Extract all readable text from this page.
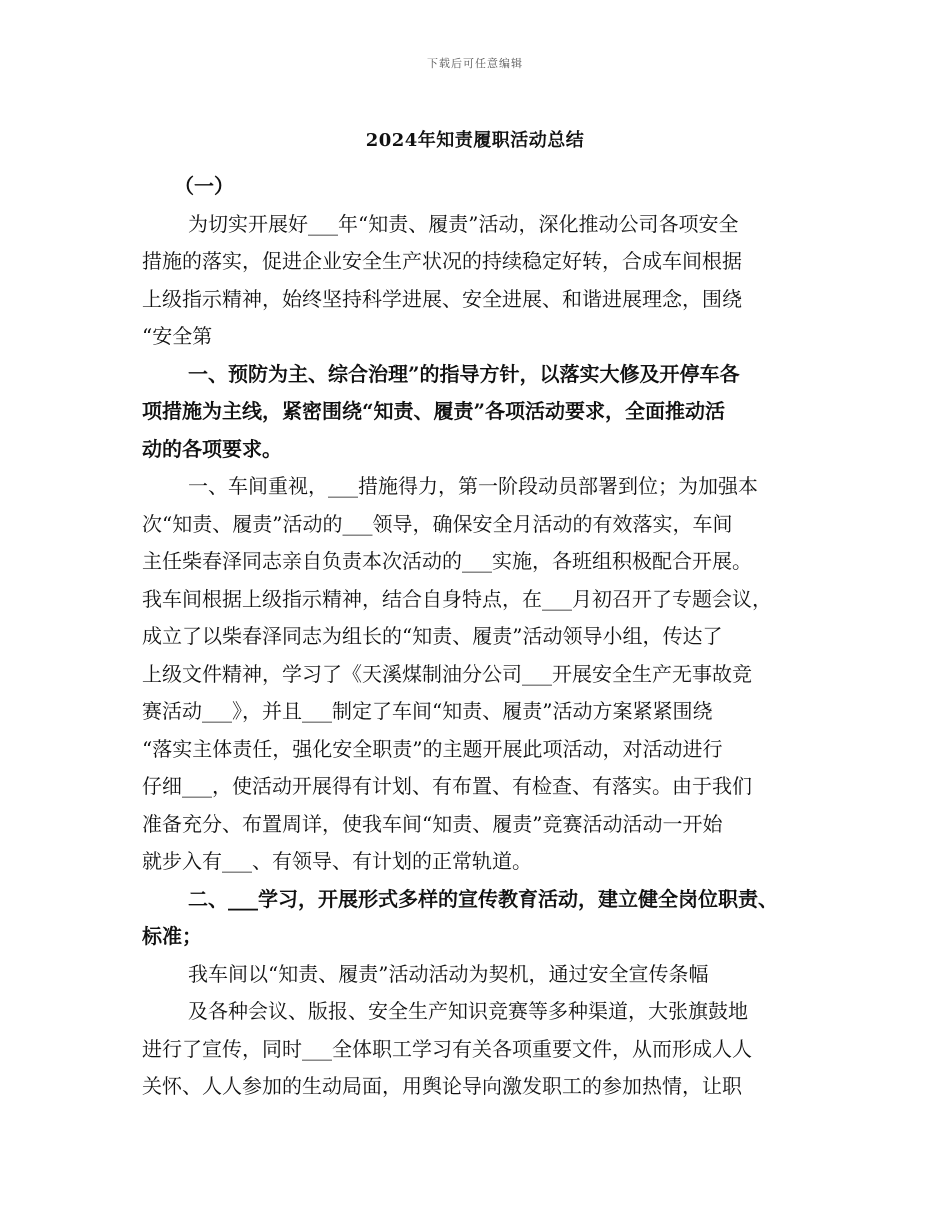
下载后可任意编辑
2024年知责履职活动总结
（一）
为切实开展好___年“知责、履责”活动，深化推动公司各项安全
措施的落实，促进企业安全生产状况的持续稳定好转，合成车间根据
上级指示精神，始终坚持科学进展、安全进展、和谐进展理念，围绕
“安全第
一、预防为主、综合治理”的指导方针，以落实大修及开停车各
项措施为主线，紧密围绕“知责、履责”各项活动要求，全面推动活
动的各项要求。
一、车间重视，___措施得力，第一阶段动员部署到位；为加强本
次“知责、履责”活动的___领导，确保安全月活动的有效落实，车间
主任柴春泽同志亲自负责本次活动的___实施，各班组积极配合开展。
我车间根据上级指示精神，结合自身特点，在___月初召开了专题会议，
成立了以柴春泽同志为组长的“知责、履责”活动领导小组，传达了
上级文件精神，学习了《天溪煤制油分公司___开展安全生产无事故竞
赛活动___》，并且___制定了车间“知责、履责”活动方案紧紧围绕
“落实主体责任，强化安全职责”的主题开展此项活动，对活动进行
仔细___，使活动开展得有计划、有布置、有检查、有落实。由于我们
准备充分、布置周详，使我车间“知责、履责”竞赛活动活动一开始
就步入有___、有领导、有计划的正常轨道。
二、___学习，开展形式多样的宣传教育活动，建立健全岗位职责、
标准；
我车间以“知责、履责”活动活动为契机，通过安全宣传条幅
及各种会议、版报、安全生产知识竞赛等多种渠道，大张旗鼓地
进行了宣传，同时___全体职工学习有关各项重要文件，从而形成人人
关怀、人人参加的生动局面，用舆论导向激发职工的参加热情，让职
